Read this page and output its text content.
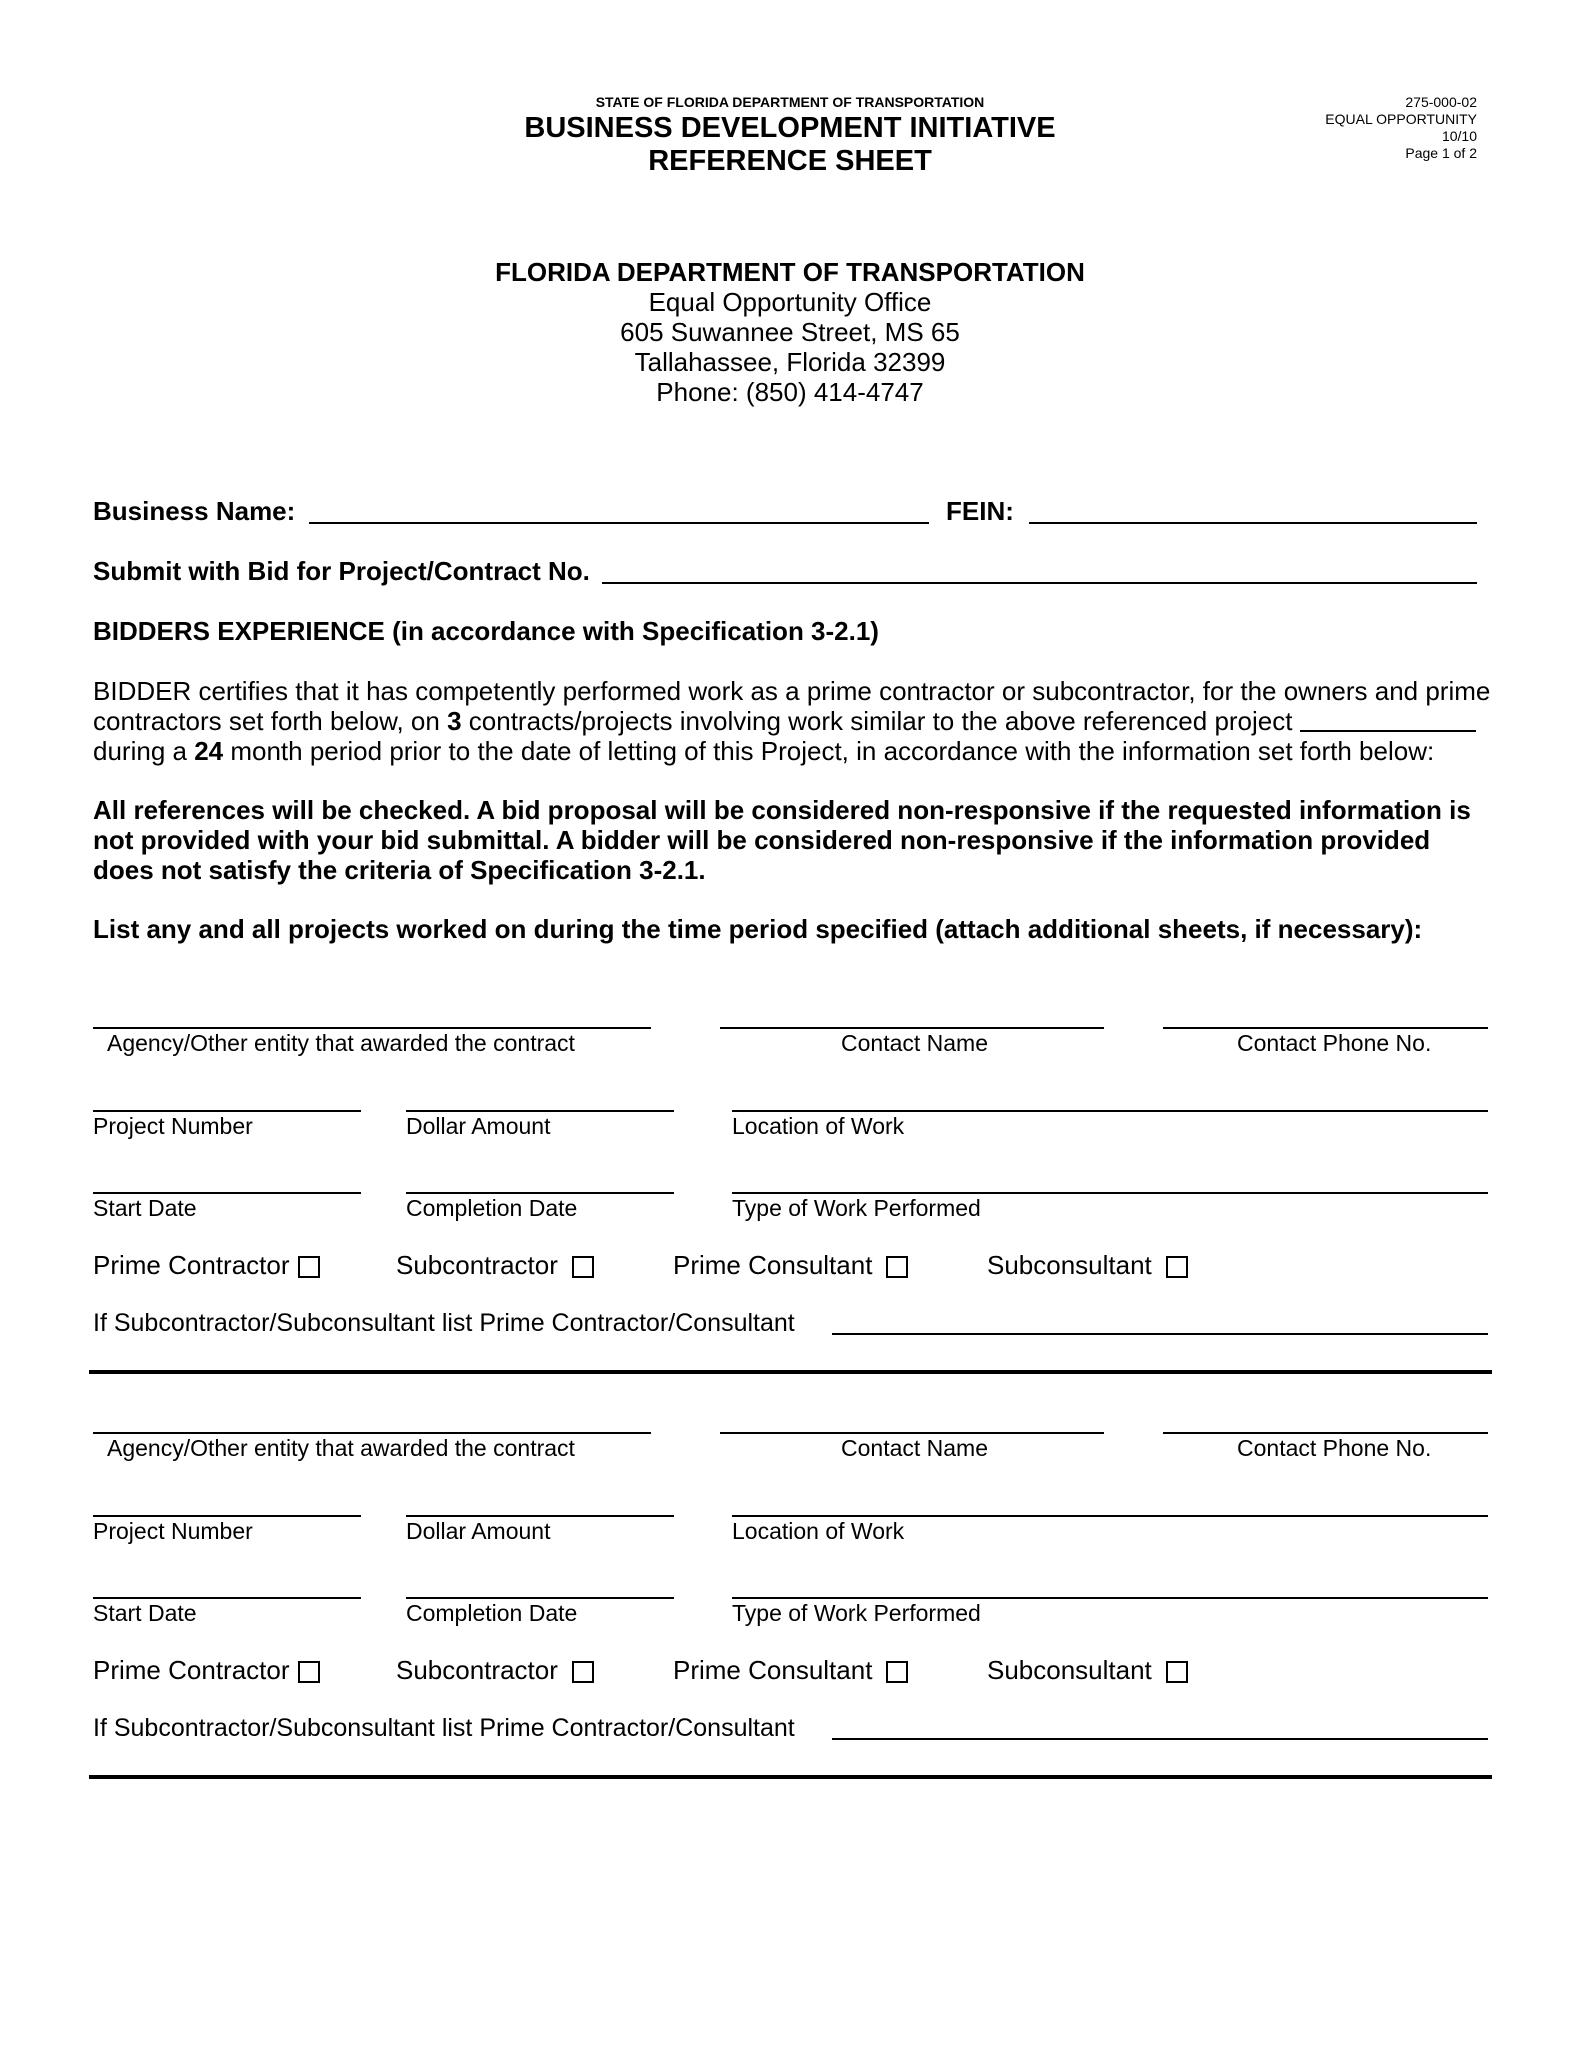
STATE OF FLORIDA DEPARTMENT OF TRANSPORTATION
BUSINESS DEVELOPMENT INITIATIVE
REFERENCE SHEET
275-000-02
EQUAL OPPORTUNITY
10/10
Page 1 of 2
FLORIDA DEPARTMENT OF TRANSPORTATION
Equal Opportunity Office
605 Suwannee Street, MS 65
Tallahassee, Florida 32399
Phone: (850) 414-4747
Business Name:	FEIN:
Submit with Bid for Project/Contract No.
BIDDERS EXPERIENCE (in accordance with Specification 3-2.1)
BIDDER certifies that it has competently performed work as a prime contractor or subcontractor, for the owners and prime contractors set forth below, on 3 contracts/projects involving work similar to the above referenced project  during a 24 month period prior to the date of letting of this Project, in accordance with the information set forth below:
All references will be checked. A bid proposal will be considered non-responsive if the requested information is not provided with your bid submittal. A bidder will be considered non-responsive if the information provided does not satisfy the criteria of Specification 3-2.1.
List any and all projects worked on during the time period specified (attach additional sheets, if necessary):
Agency/Other entity that awarded the contract	Contact Name	Contact Phone No.
Project Number	Dollar Amount	Location of Work
Start Date	Completion Date	Type of Work Performed
Prime Contractor	Subcontractor	Prime Consultant	Subconsultant
If Subcontractor/Subconsultant list Prime Contractor/Consultant
Agency/Other entity that awarded the contract	Contact Name	Contact Phone No.
Project Number	Dollar Amount	Location of Work
Start Date	Completion Date	Type of Work Performed
Prime Contractor	Subcontractor	Prime Consultant	Subconsultant
If Subcontractor/Subconsultant list Prime Contractor/Consultant
